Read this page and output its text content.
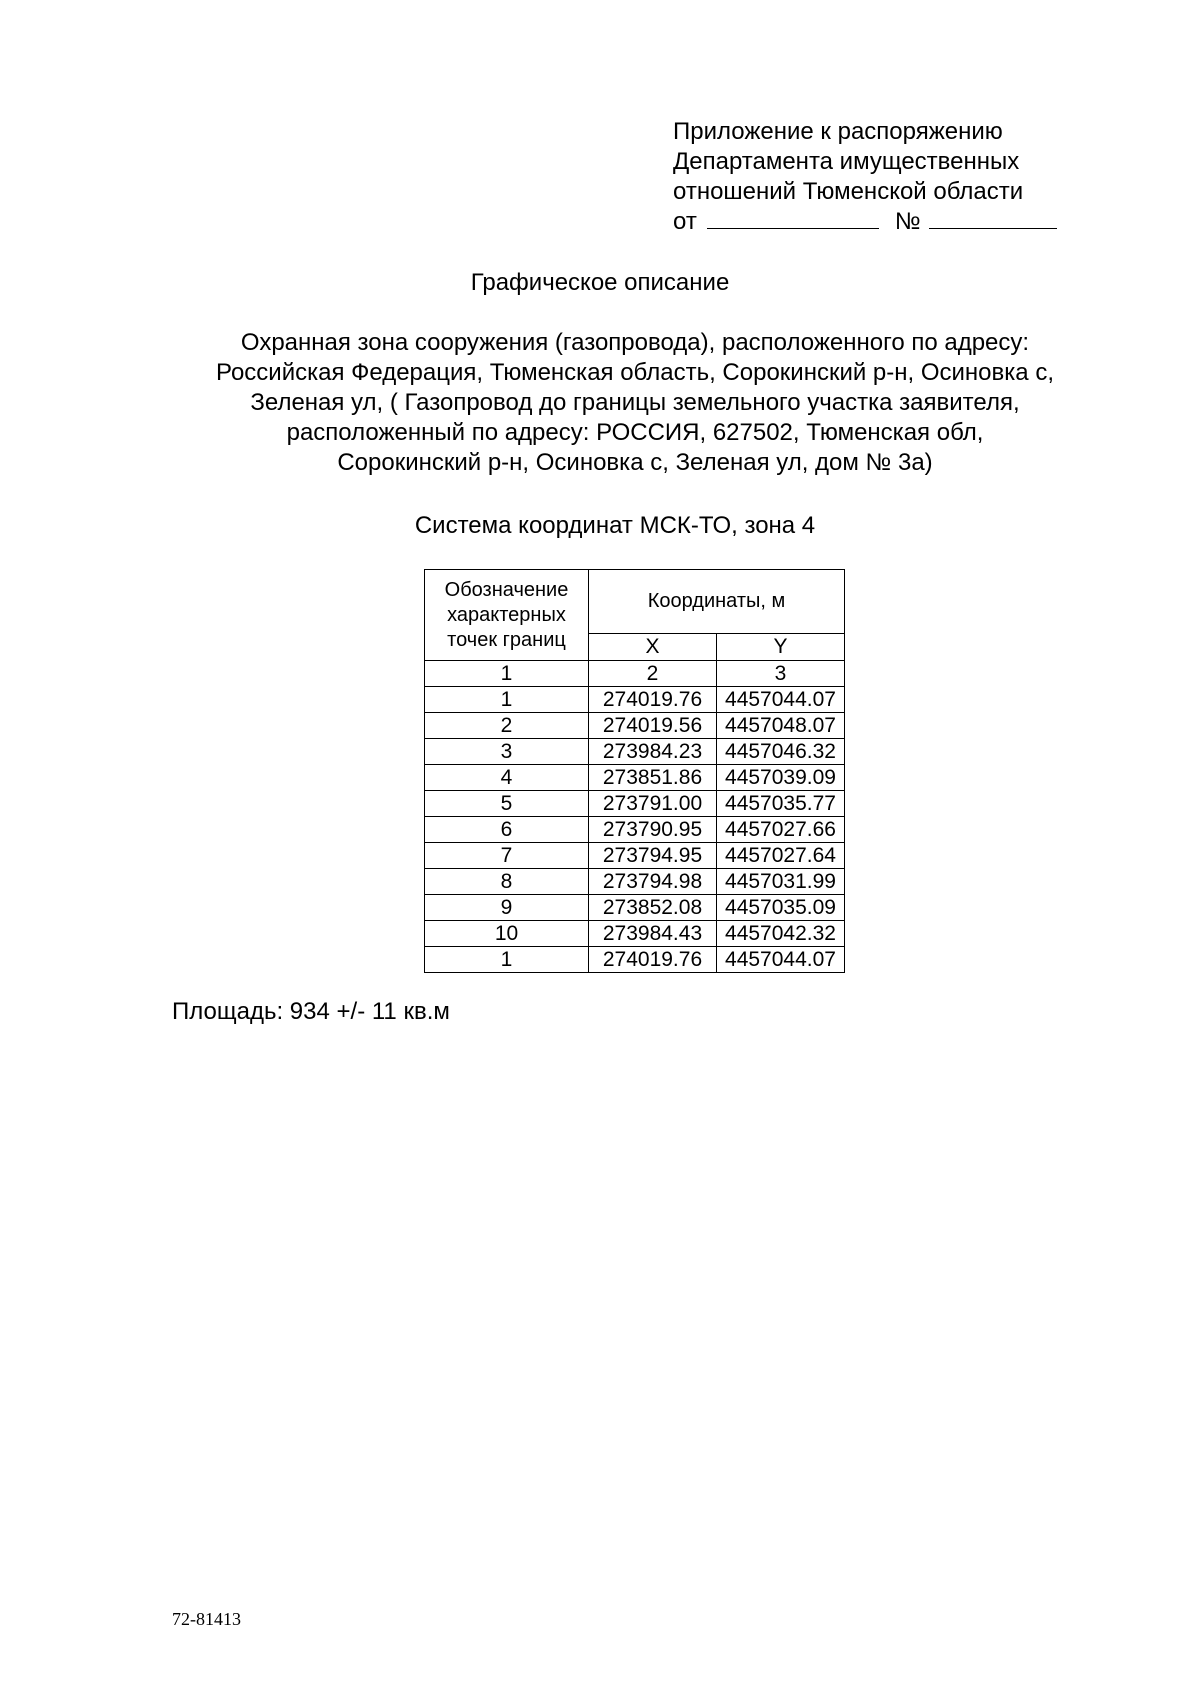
Приложение к распоряжению
Департамента имущественных
отношений Тюменской области
от	№
Графическое описание
Охранная зона сооружения (газопровода), расположенного по адресу:
Российская Федерация, Тюменская область, Сорокинский р-н, Осиновка с,
Зеленая ул, ( Газопровод до границы земельного участка заявителя,
расположенный по адресу: РОССИЯ, 627502, Тюменская обл,
Сорокинский р-н, Осиновка с, Зеленая ул, дом № 3а)
Система координат МСК-ТО, зона 4
Обозначение
характерных
точек границ	Координаты, м	
	X	Y
1	2	3
1	274019.76	4457044.07
2	274019.56	4457048.07
3	273984.23	4457046.32
4	273851.86	4457039.09
5	273791.00	4457035.77
6	273790.95	4457027.66
7	273794.95	4457027.64
8	273794.98	4457031.99
9	273852.08	4457035.09
10	273984.43	4457042.32
1	274019.76	4457044.07
Площадь: 934 +/- 11 кв.м
72-81413
